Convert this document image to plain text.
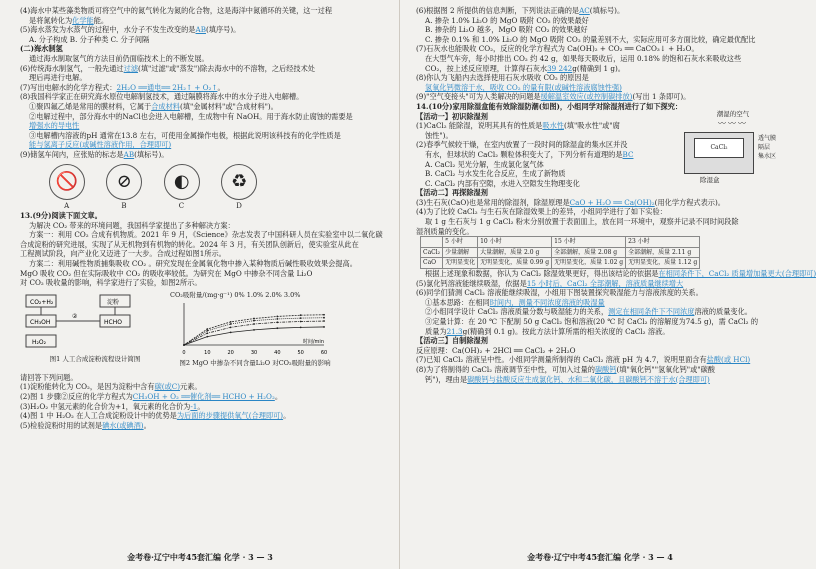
(4)海水中某些藻类物质可将空气中的氮气转化为氮的化合物，这是海洋中氮循环的关键，这一过程
是将氮转化为化学能能。
(5)海水蒸发为水蒸气的过程中，水分子不发生改变的是AB(填序号)。
A. 分子构成 B. 分子种类 C. 分子间隔
(二)海水制氢
通过海水制取氢气的方法目前仍面临技术上的不断发展。
(6)传统海水制氢气，一般先通过过滤(填"过滤"或"蒸发")除去海水中的不溶物，之后经技术处
理后再进行电解。
(7)写出电解水的化学方程式：2H₂O ══通电══ 2H₂↑ + O₂↑。
(8)我国科学家正在研究海水原位电解制氢技术，通过隔膜将海水中的水分子进入电解槽。
①聚四氟乙烯是常用的膜材料，它属于合成材料(填"金属材料"或"合成材料")。
②电解过程中，部分海水中的NaCl也会进入电解槽，生成物中有 NaOH。用于海水防止腐蚀的需要是
增强水的导电性
③电解槽内溶液的pH 通常在13.8 左右，可使用金属操作电极，根据此说明该科技有的化学性质是
能与氢离子反应(或碱性溶液作用，合理即可)
(9)储氢车间内，应张贴的标志是AB(填标号)。
🚫	⊘	◐	♻
A	B	C	D
13.(9分)阅读下面文章。
为解决 CO₂ 带来的环境问题，我国科学家提出了多种解决方案：
方案一：利用 CO₂ 合成有机物质。2021 年 9 月，《Science》杂志发表了中国科研人员在实验室中以二氧化碳
合成淀粉的研究进展，实现了从无机物到有机物的转化。2024 年 3 月，有关团队创新后，使实验室从此在
工程测试阶段，向产业化又迈进了一大步。合成过程如图1所示。
方案二：利用碱性物质捕集吸收 CO₂ 。研究发现在金属氧化物中掺入某种物质后碱性吸收效果会提高。
MgO 吸收 CO₂ 但在实际吸收中 CO₂ 的吸收率较低。为研究在 MgO 中掺杂不同含量 Li₂O
对 CO₂ 吸收量的影响，科学家进行了实验，如图2所示。
CO₂+H₂
CH₃OH
H₂O₂
HCHO
淀粉
②
图1 人工合成淀粉流程设计简图
CO₂吸附量/(mg·g⁻¹) 0% 1.0% 2.0% 3.0%
0	10	20	30	40	50	60
时间/min
图2 MgO 中掺杂不同含量Li₂O 对CO₂吸附量的影响
请回答下列问题。
(1)淀粉能转化为 CO₂，是因为淀粉中含有碳(或C)元素。
(2)图 1 步骤②反应的化学方程式为CH₃OH + O₂ ══催化剂══ HCHO + H₂O₂。
(3)H₂O₂ 中氢元素的化合价为+1，氧元素的化合价为-1。
(4)图 1 中 H₂O₂ 在人工合成淀粉设计中的优势是为后面的步骤提供氧气(合理即可)。
(5)检验淀粉时用的试剂是碘水(或碘酒)。
金考卷·辽宁中考45套汇编 化学 · 3 — 3
(6)根据图 2 所提供的信息判断，下列说法正确的是AC(填标号)。
A. 掺杂 1.0% Li₂O 的 MgO 吸附 CO₂ 的效果最好
B. 掺杂的 Li₂O 越多，MgO 吸附 CO₂ 的效果越好
C. 掺杂 0.1% 和 1.0% Li₂O 的 MgO 吸附 CO₂ 的量差别不大，实际应用可多方面比较，确定最优配比
(7)石灰水也能吸收 CO₂，反应的化学方程式为 Ca(OH)₂ + CO₂ ══ CaCO₃↓ + H₂O。
在大型气车旁，每小时排出 CO₂ 约 42 g，如果每天吸收后，运用 0.18% 的饱和石灰水来吸收这些
CO₂，按上述反应原理，计算得石灰水39 242g(精确到 1 g)。
(8)你认为飞船内去选择使用石灰水吸收 CO₂ 的原因是
氢氧化钙微溶于水，吸收 CO₂ 的量有限(或碱性溶液腐蚀性强)
(9)"空气变接头"可为人类解决的问题是缓解温室效应(或控制碳排放)(写出 1 条即可)。
14.(10分)家用除湿盒能有效除湿防潮(如图)，小组同学对除湿剂进行了如下探究：
【活动一】初识除湿剂
(1)CaCl₂ 能除湿，说明其具有的性质是吸水性(填"吸水性"或"腐
蚀性")。
(2)春季气候较干燥，在室内放置了一段时间的除湿盒的集水区并没
有水，但球状的 CaCl₂ 颗粒体积变大了，下列分析有道理的是BC
A. CaCl₂ 见光分解，生成氯化氢气体
B. CaCl₂ 与水发生化合反应，生成了新物质
C. CaCl₂ 内部有空隙，水进入空隙发生物理变化
潮湿的空气
〰〰〰
CaCl₂
透气膜
隔层
集水区
除湿盒
【活动二】再探除湿剂
(3)生石灰(CaO)也是常用的除湿剂，除湿原理是CaO + H₂O ══ Ca(OH)₂(用化学方程式表示)。
(4)为了比较 CaCl₂ 与生石灰在除湿效果上的差异，小组同学进行了如下实验：
取 1 g 生石灰与 1 g CaCl₂ 粉末分别放置于表面皿上，放在同一环境中，观察并记录不同时间段除
湿剂质量的变化。
	5 小时	10 小时	15 小时	23 小时
CaCl₂	少量潮解	大量潮解，质量 2.0 g	全部潮解，质量 2.08 g	全部潮解，质量 2.11 g
CaO	无明显变化	无明显变化，质量 0.99 g	无明显变化，质量 1.02 g	无明显变化，质量 1.12 g
根据上述现象和数据，你认为 CaCl₂ 除湿效果更好，得出该结论的依据是在相同条件下，CaCl₂ 质量增加量更大(合理即可)
(5)氯化钙溶液能继续吸湿，依据是15 小时后，CaCl₂ 全部潮解，溶液质量继续增大
(6)同学们猜测 CaCl₂ 溶液能继续吸湿，小组用下图装置探究吸湿能力与溶液浓度的关系。
①基本思路：在相同时间内，测量不同浓度溶液的吸湿量
②小组同学设计 CaCl₂ 溶液质量分数与吸湿能力的关系，测定在相同条件下不同浓度溶液的质量变化。
③定量计算：在 20 ℃ 下配制 50 g CaCl₂ 饱和溶液(20 ℃ 时 CaCl₂ 的溶解度为74.5 g)，需 CaCl₂ 的
质量为21.3g(精确到 0.1 g)。按此方法计算所需的相关浓度的 CaCl₂ 溶液。
【活动三】自制除湿剂
反应原理：Ca(OH)₂ + 2HCl ══ CaCl₂ + 2H₂O
(7)已知 CaCl₂ 溶液呈中性。小组同学测量所制得的 CaCl₂ 溶液 pH 为 4.7，说明里面含有盐酸(或 HCl)
(8)为了将制得的 CaCl₂ 溶液调节至中性，可加入过量的碳酸钙(填"氧化钙""氢氧化钙"或"碳酸
钙")，理由是碳酸钙与盐酸反应生成氯化钙、水和二氧化碳，且碳酸钙不溶于水(合理即可)
金考卷·辽宁中考45套汇编 化学 · 3 — 4
